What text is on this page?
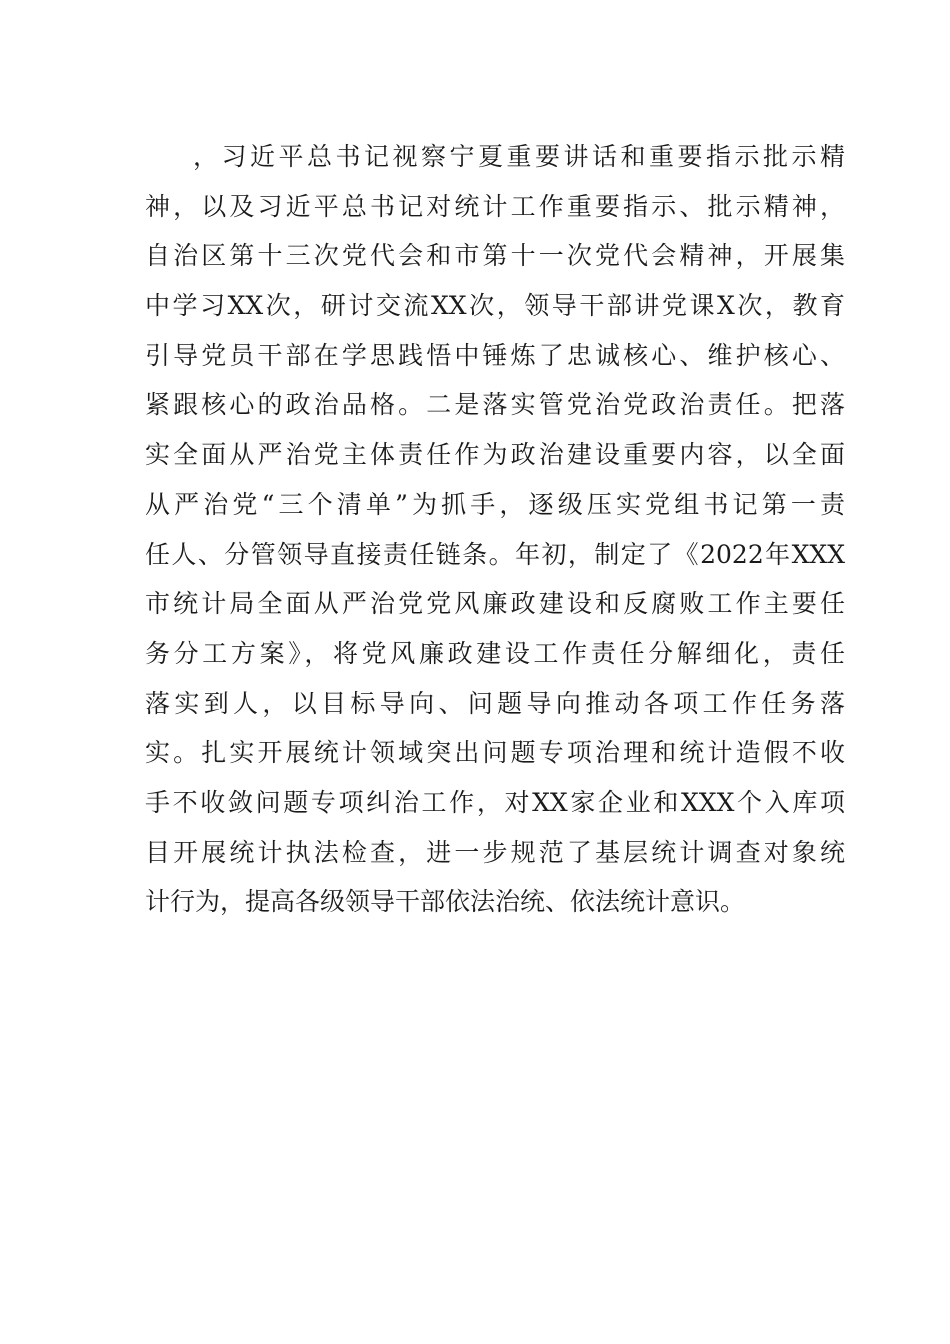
，习近平总书记视察宁夏重要讲话和重要指示批示精
神，以及习近平总书记对统计工作重要指示、批示精神，
自治区第十三次党代会和市第十一次党代会精神，开展集
中学习XX次，研讨交流XX次，领导干部讲党课X次，教育
引导党员干部在学思践悟中锤炼了忠诚核心、维护核心、
紧跟核心的政治品格。二是落实管党治党政治责任。把落
实全面从严治党主体责任作为政治建设重要内容，以全面
从严治党“三个清单”为抓手，逐级压实党组书记第一责
任人、分管领导直接责任链条。年初，制定了《2022年XXX
市统计局全面从严治党党风廉政建设和反腐败工作主要任
务分工方案》，将党风廉政建设工作责任分解细化，责任
落实到人，以目标导向、问题导向推动各项工作任务落
实。扎实开展统计领域突出问题专项治理和统计造假不收
手不收敛问题专项纠治工作，对XX家企业和XXX个入库项
目开展统计执法检查，进一步规范了基层统计调查对象统
计行为，提高各级领导干部依法治统、依法统计意识。
